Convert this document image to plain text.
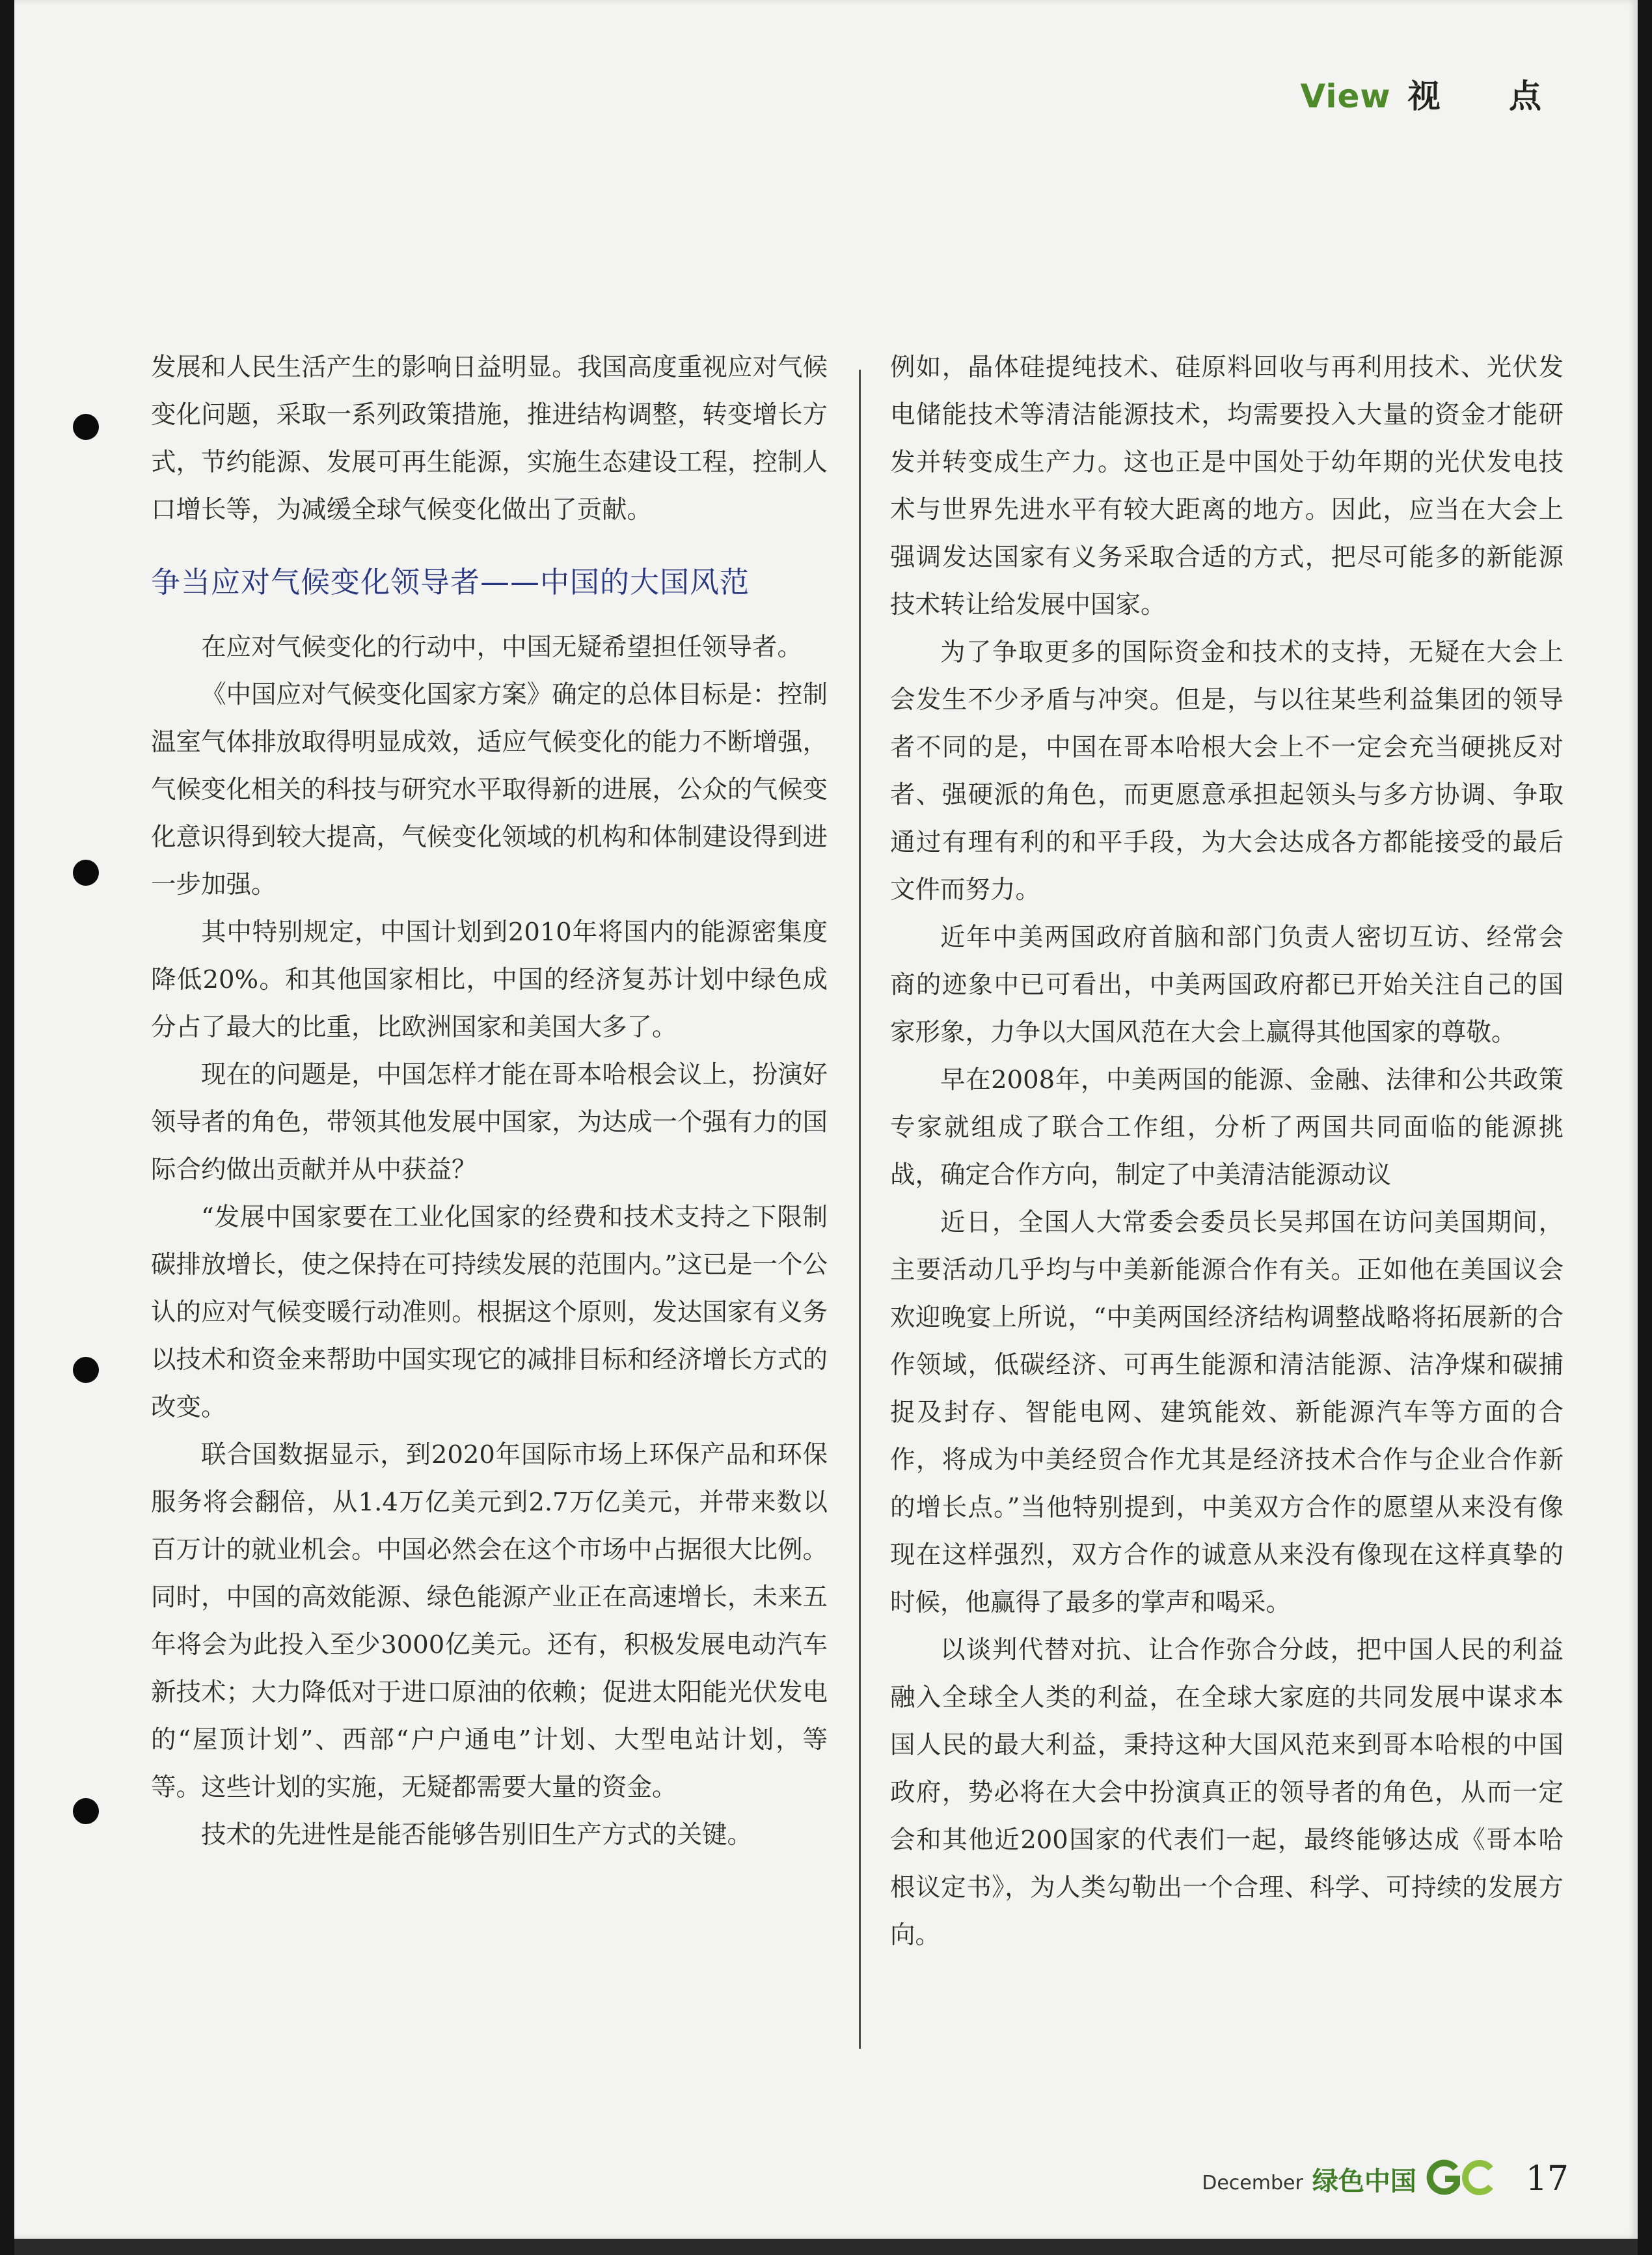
View 视 点

发展和人民生活产生的影响日益明显。我国高度重视应对气候变化问题，采取一系列政策措施，推进结构调整，转变增长方式，节约能源、发展可再生能源，实施生态建设工程，控制人口增长等，为减缓全球气候变化做出了贡献。

争当应对气候变化领导者——中国的大国风范

在应对气候变化的行动中，中国无疑希望担任领导者。

《中国应对气候变化国家方案》确定的总体目标是：控制温室气体排放取得明显成效，适应气候变化的能力不断增强，气候变化相关的科技与研究水平取得新的进展，公众的气候变化意识得到较大提高，气候变化领域的机构和体制建设得到进一步加强。

其中特别规定，中国计划到2010年将国内的能源密集度降低20%。和其他国家相比，中国的经济复苏计划中绿色成分占了最大的比重，比欧洲国家和美国大多了。

现在的问题是，中国怎样才能在哥本哈根会议上，扮演好领导者的角色，带领其他发展中国家，为达成一个强有力的国际合约做出贡献并从中获益？

“发展中国家要在工业化国家的经费和技术支持之下限制碳排放增长，使之保持在可持续发展的范围内。”这已是一个公认的应对气候变暖行动准则。根据这个原则，发达国家有义务以技术和资金来帮助中国实现它的减排目标和经济增长方式的改变。

联合国数据显示，到2020年国际市场上环保产品和环保服务将会翻倍，从1.4万亿美元到2.7万亿美元，并带来数以百万计的就业机会。中国必然会在这个市场中占据很大比例。同时，中国的高效能源、绿色能源产业正在高速增长，未来五年将会为此投入至少3000亿美元。还有，积极发展电动汽车新技术；大力降低对于进口原油的依赖；促进太阳能光伏发电的“屋顶计划”、西部“户户通电”计划、大型电站计划，等等。这些计划的实施，无疑都需要大量的资金。

技术的先进性是能否能够告别旧生产方式的关键。

例如，晶体硅提纯技术、硅原料回收与再利用技术、光伏发电储能技术等清洁能源技术，均需要投入大量的资金才能研发并转变成生产力。这也正是中国处于幼年期的光伏发电技术与世界先进水平有较大距离的地方。因此，应当在大会上强调发达国家有义务采取合适的方式，把尽可能多的新能源技术转让给发展中国家。

为了争取更多的国际资金和技术的支持，无疑在大会上会发生不少矛盾与冲突。但是，与以往某些利益集团的领导者不同的是，中国在哥本哈根大会上不一定会充当硬挑反对者、强硬派的角色，而更愿意承担起领头与多方协调、争取通过有理有利的和平手段，为大会达成各方都能接受的最后文件而努力。

近年中美两国政府首脑和部门负责人密切互访、经常会商的迹象中已可看出，中美两国政府都已开始关注自己的国家形象，力争以大国风范在大会上赢得其他国家的尊敬。

早在2008年，中美两国的能源、金融、法律和公共政策专家就组成了联合工作组，分析了两国共同面临的能源挑战，确定合作方向，制定了中美清洁能源动议

近日，全国人大常委会委员长吴邦国在访问美国期间，主要活动几乎均与中美新能源合作有关。正如他在美国议会欢迎晚宴上所说，“中美两国经济结构调整战略将拓展新的合作领域，低碳经济、可再生能源和清洁能源、洁净煤和碳捕捉及封存、智能电网、建筑能效、新能源汽车等方面的合作，将成为中美经贸合作尤其是经济技术合作与企业合作新的增长点。”当他特别提到，中美双方合作的愿望从来没有像现在这样强烈，双方合作的诚意从来没有像现在这样真挚的时候，他赢得了最多的掌声和喝采。

以谈判代替对抗、让合作弥合分歧，把中国人民的利益融入全球全人类的利益，在全球大家庭的共同发展中谋求本国人民的最大利益，秉持这种大国风范来到哥本哈根的中国政府，势必将在大会中扮演真正的领导者的角色，从而一定会和其他近200国家的代表们一起，最终能够达成《哥本哈根议定书》，为人类勾勒出一个合理、科学、可持续的发展方向。

December 绿色中国	17
